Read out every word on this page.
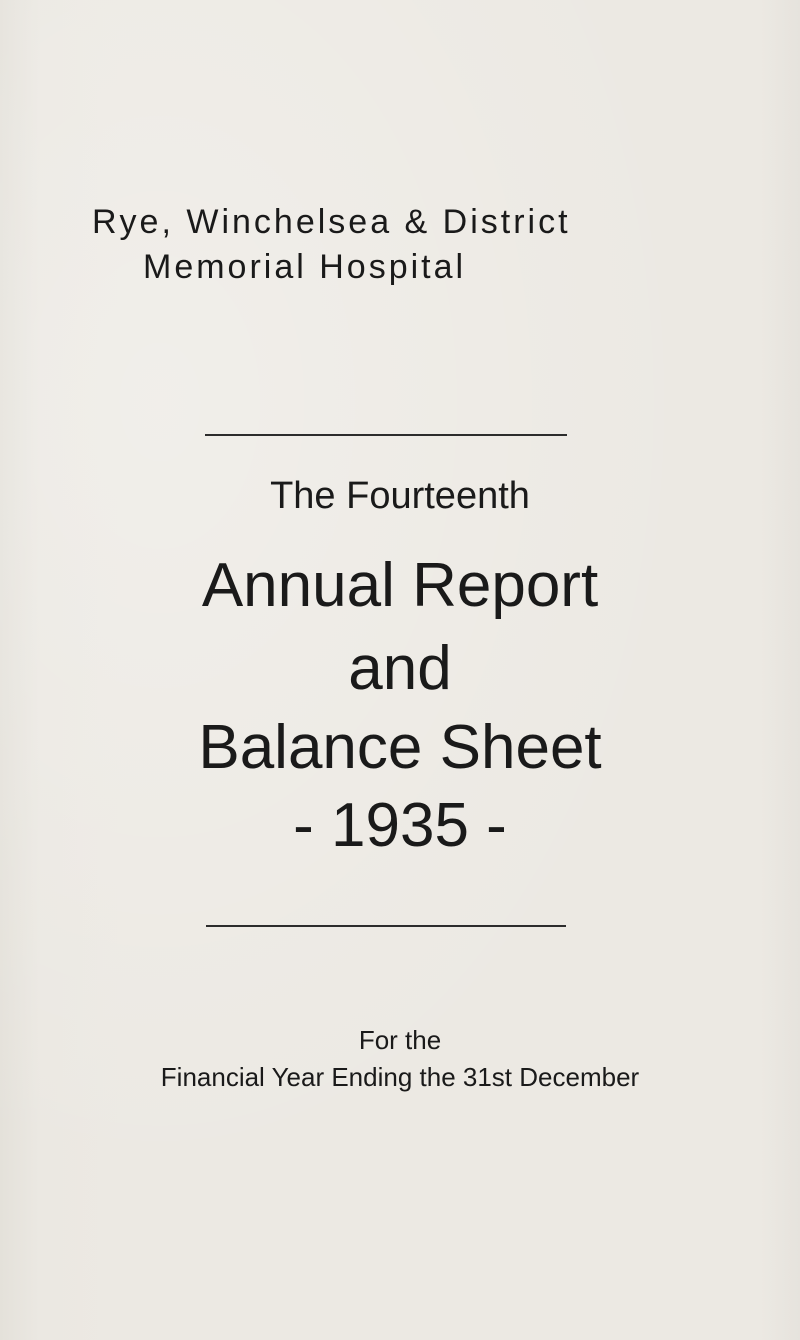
Rye, Winchelsea & District
Memorial Hospital
The Fourteenth
Annual Report
and
Balance Sheet
- 1935 -
For the
Financial Year Ending the 31st December
